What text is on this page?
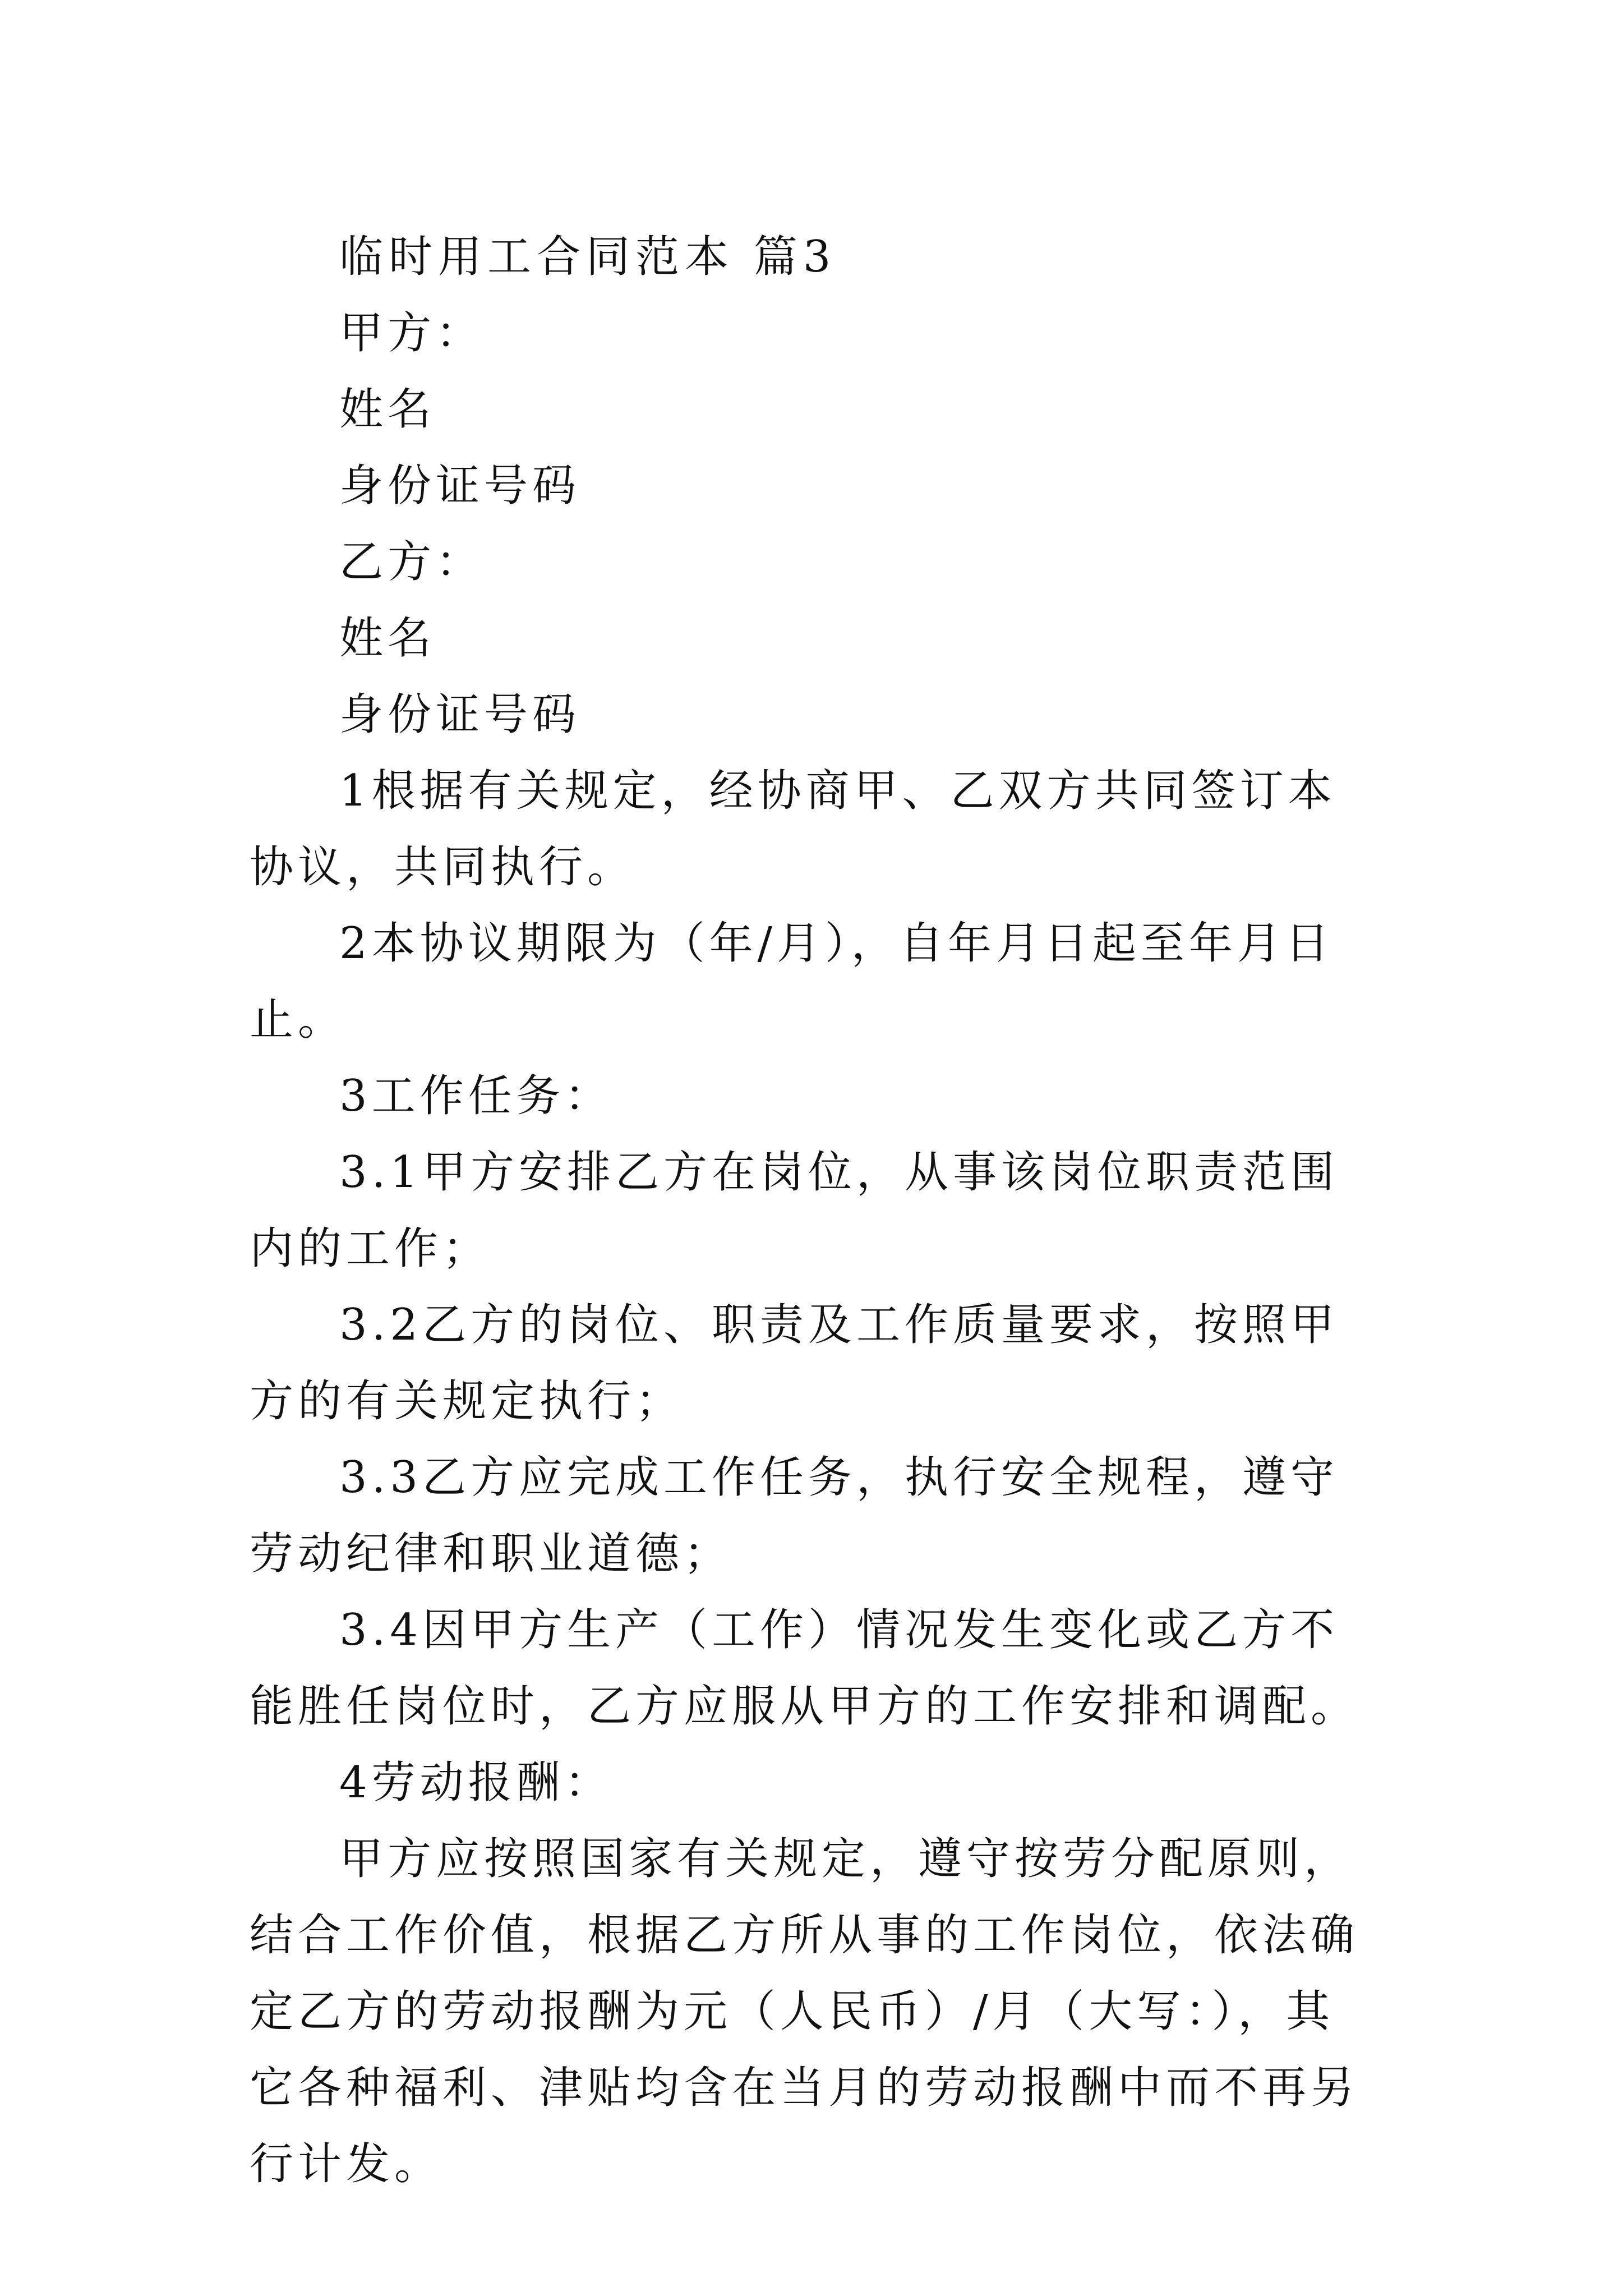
临时用工合同范本 篇3

甲方：

姓名

身份证号码

乙方：

姓名

身份证号码

1根据有关规定，经协商甲、乙双方共同签订本协议，共同执行。

2本协议期限为（年/月），自年月日起至年月日止。

3工作任务：

3.1甲方安排乙方在岗位，从事该岗位职责范围内的工作；

3.2乙方的岗位、职责及工作质量要求，按照甲方的有关规定执行；

3.3乙方应完成工作任务，执行安全规程，遵守劳动纪律和职业道德；

3.4因甲方生产（工作）情况发生变化或乙方不能胜任岗位时，乙方应服从甲方的工作安排和调配。

4劳动报酬：

甲方应按照国家有关规定，遵守按劳分配原则，结合工作价值，根据乙方所从事的工作岗位，依法确定乙方的劳动报酬为元（人民币）/月（大写：），其它各种福利、津贴均含在当月的劳动报酬中而不再另行计发。
